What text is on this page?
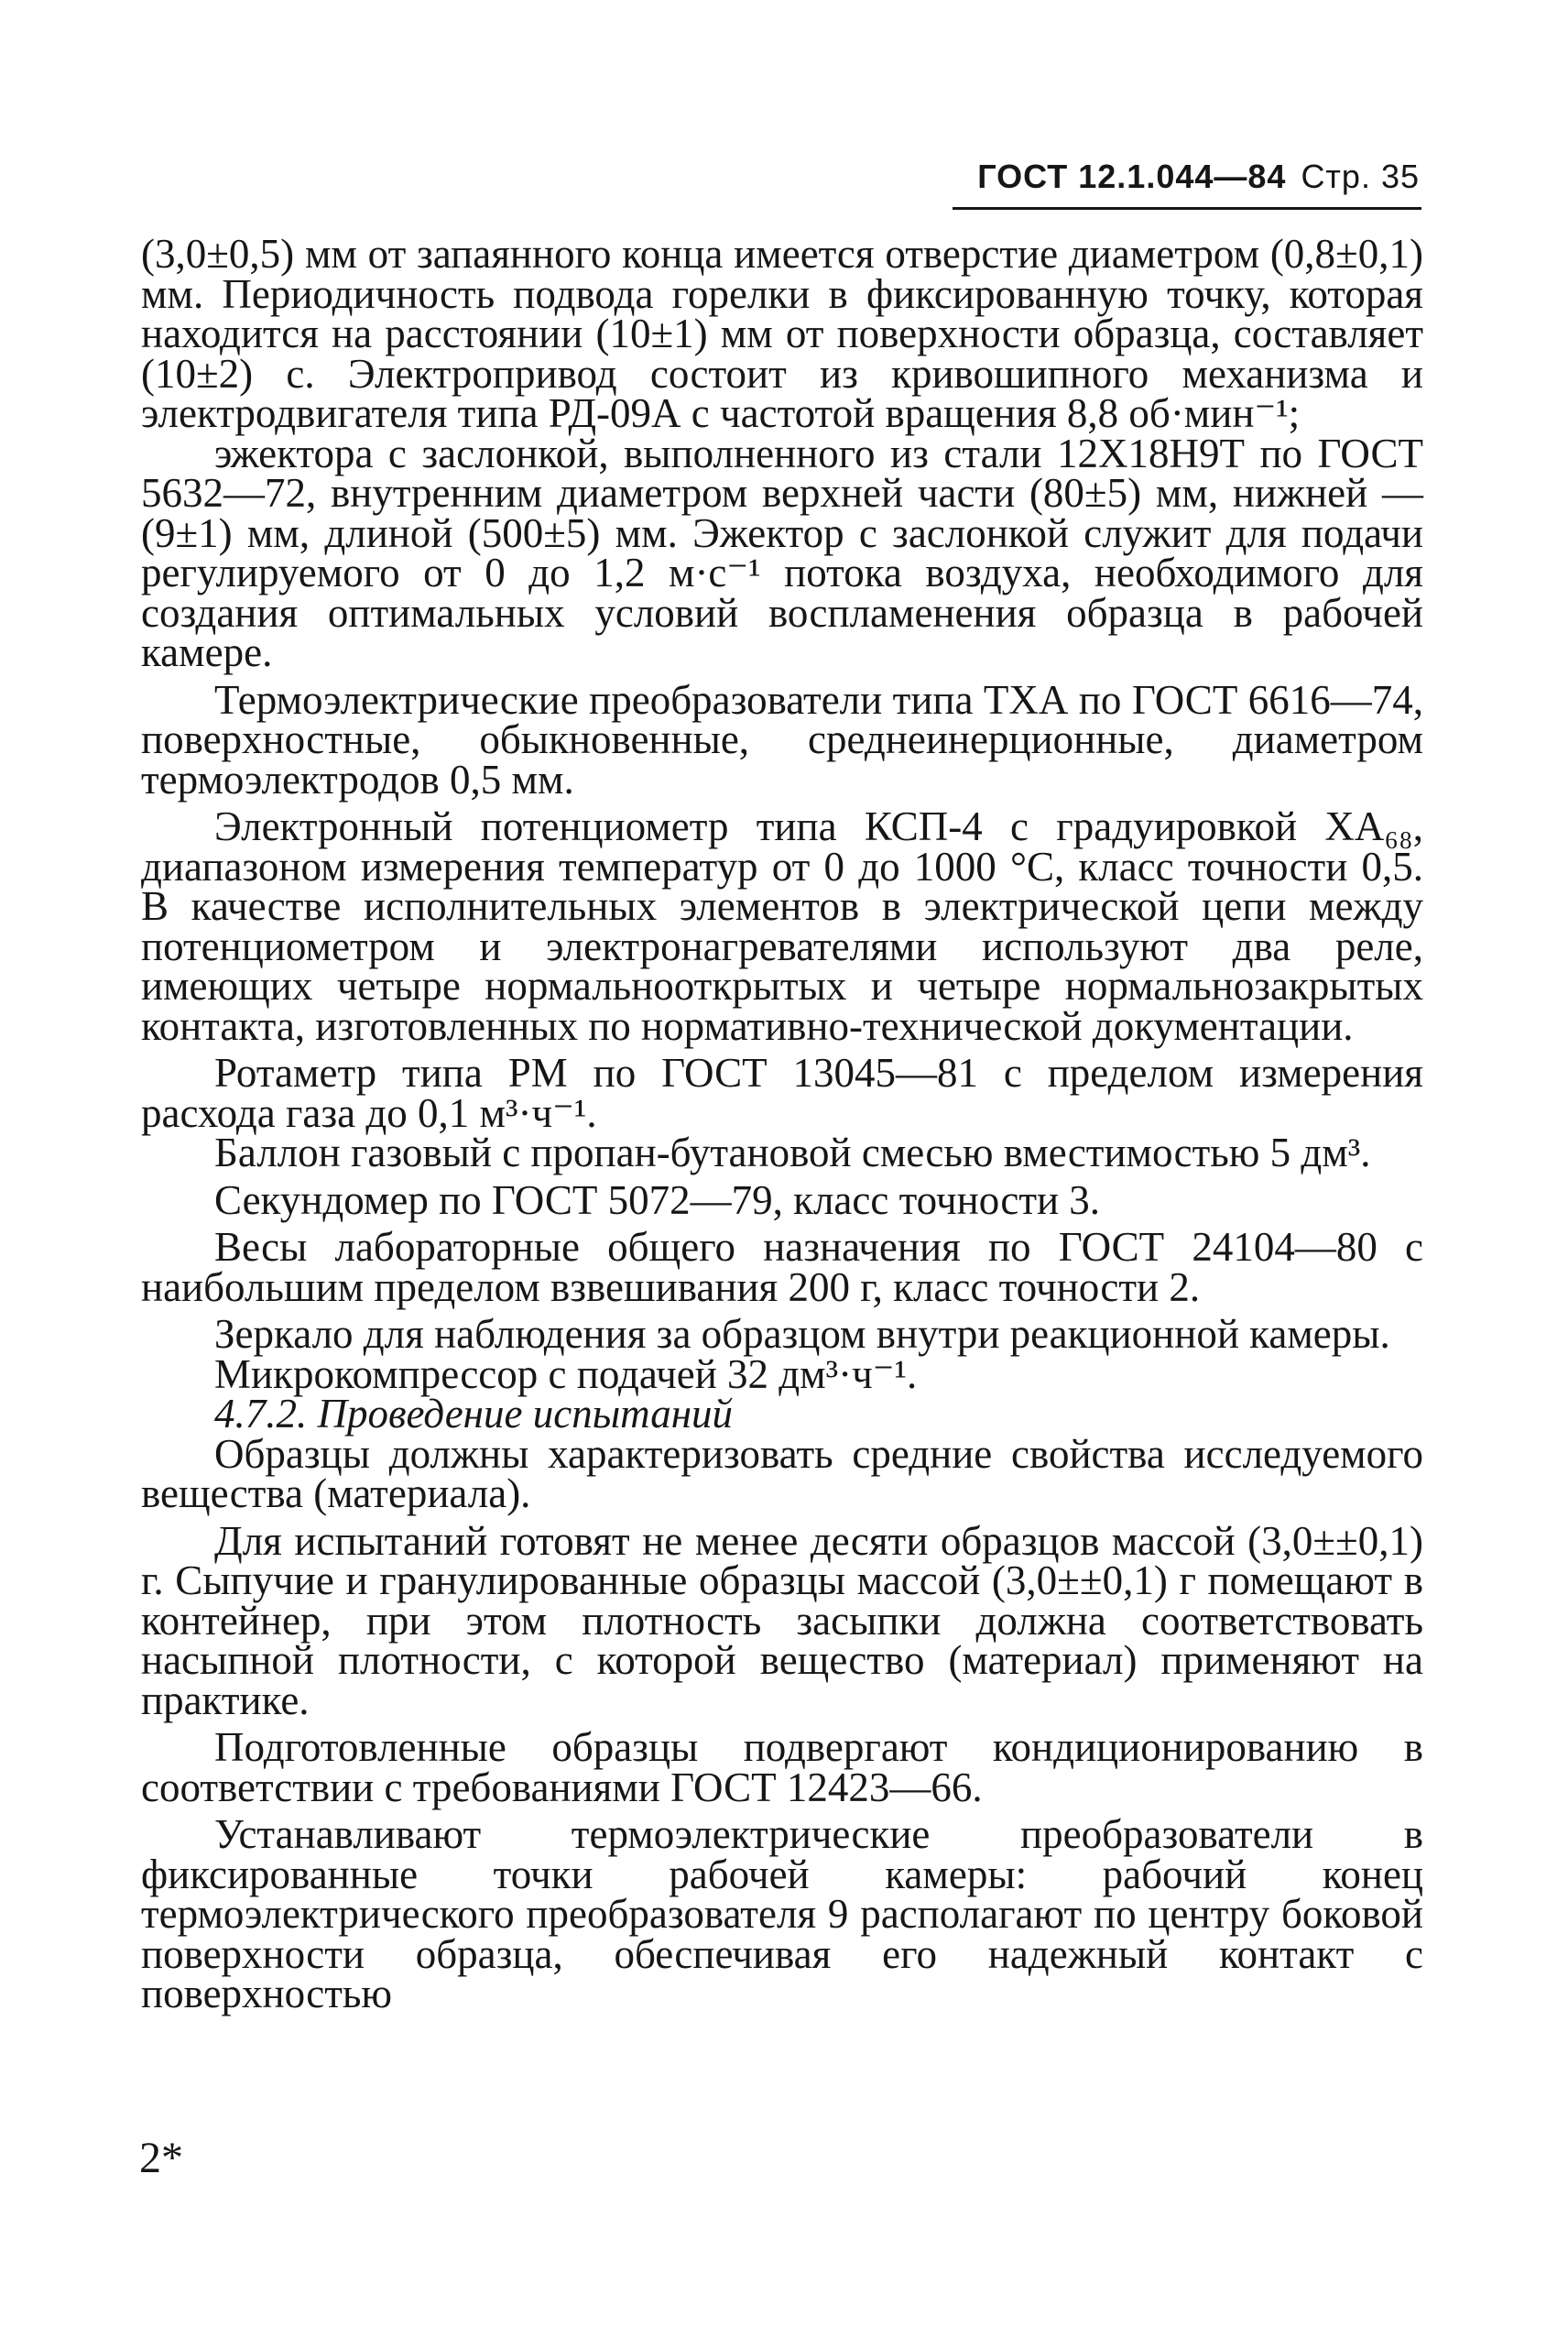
ГОСТ 12.1.044—84 Стр. 35

(3,0±0,5) мм от запаянного конца имеется отверстие диаметром (0,8±0,1) мм. Периодичность подвода горелки в фиксированную точку, которая находится на расстоянии (10±1) мм от поверхности образца, составляет (10±2) с. Электропривод состоит из кривошипного механизма и электродвигателя типа РД-09А с частотой вращения 8,8 об·мин⁻¹;

эжектора с заслонкой, выполненного из стали 12Х18Н9Т по ГОСТ 5632—72, внутренним диаметром верхней части (80±5) мм, нижней — (9±1) мм, длиной (500±5) мм. Эжектор с заслонкой служит для подачи регулируемого от 0 до 1,2 м·с⁻¹ потока воздуха, необходимого для создания оптимальных условий воспламенения образца в рабочей камере.

Термоэлектрические преобразователи типа ТХА по ГОСТ 6616—74, поверхностные, обыкновенные, среднеинерционные, диаметром термоэлектродов 0,5 мм.

Электронный потенциометр типа КСП-4 с градуировкой ХА₆₈, диапазоном измерения температур от 0 до 1000 °С, класс точности 0,5. В качестве исполнительных элементов в электрической цепи между потенциометром и электронагревателями используют два реле, имеющих четыре нормальнооткрытых и четыре нормальнозакрытых контакта, изготовленных по нормативно-технической документации.

Ротаметр типа РМ по ГОСТ 13045—81 с пределом измерения расхода газа до 0,1 м³·ч⁻¹.

Баллон газовый с пропан-бутановой смесью вместимостью 5 дм³.

Секундомер по ГОСТ 5072—79, класс точности 3.

Весы лабораторные общего назначения по ГОСТ 24104—80 с наибольшим пределом взвешивания 200 г, класс точности 2.

Зеркало для наблюдения за образцом внутри реакционной камеры.

Микрокомпрессор с подачей 32 дм³·ч⁻¹.

4.7.2. Проведение испытаний

Образцы должны характеризовать средние свойства исследуемого вещества (материала).

Для испытаний готовят не менее десяти образцов массой (3,0±±0,1) г. Сыпучие и гранулированные образцы массой (3,0±±0,1) г помещают в контейнер, при этом плотность засыпки должна соответствовать насыпной плотности, с которой вещество (материал) применяют на практике.

Подготовленные образцы подвергают кондиционированию в соответствии с требованиями ГОСТ 12423—66.

Устанавливают термоэлектрические преобразователи в фиксированные точки рабочей камеры: рабочий конец термоэлектрического преобразователя 9 располагают по центру боковой поверхности образца, обеспечивая его надежный контакт с поверхностью

2*
